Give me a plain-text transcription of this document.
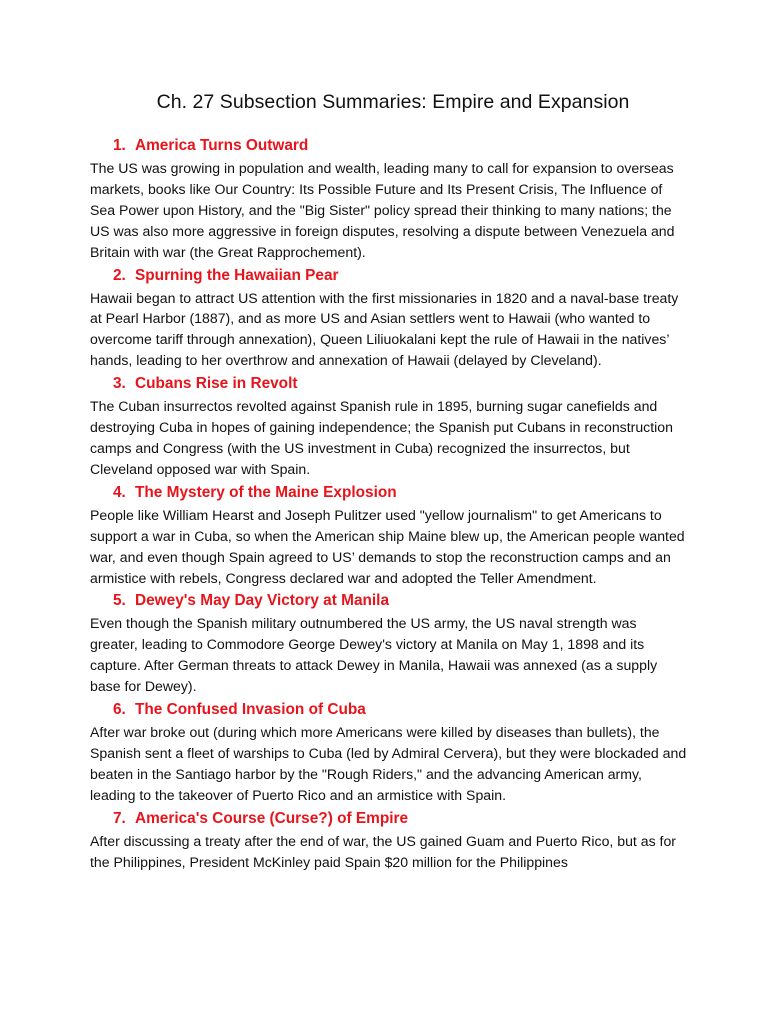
Ch. 27 Subsection Summaries: Empire and Expansion
1. America Turns Outward

The US was growing in population and wealth, leading many to call for expansion to overseas markets, books like Our Country: Its Possible Future and Its Present Crisis, The Influence of Sea Power upon History, and the "Big Sister" policy spread their thinking to many nations; the US was also more aggressive in foreign disputes, resolving a dispute between Venezuela and Britain with war (the Great Rapprochement).

2. Spurning the Hawaiian Pear

Hawaii began to attract US attention with the first missionaries in 1820 and a naval-base treaty at Pearl Harbor (1887), and as more US and Asian settlers went to Hawaii (who wanted to overcome tariff through annexation), Queen Liliuokalani kept the rule of Hawaii in the natives’ hands, leading to her overthrow and annexation of Hawaii (delayed by Cleveland).

3. Cubans Rise in Revolt

The Cuban insurrectos revolted against Spanish rule in 1895, burning sugar canefields and destroying Cuba in hopes of gaining independence; the Spanish put Cubans in reconstruction camps and Congress (with the US investment in Cuba) recognized the insurrectos, but Cleveland opposed war with Spain.

4. The Mystery of the Maine Explosion

People like William Hearst and Joseph Pulitzer used "yellow journalism" to get Americans to support a war in Cuba, so when the American ship Maine blew up, the American people wanted war, and even though Spain agreed to US’ demands to stop the reconstruction camps and an armistice with rebels, Congress declared war and adopted the Teller Amendment.

5. Dewey's May Day Victory at Manila

Even though the Spanish military outnumbered the US army, the US naval strength was greater, leading to Commodore George Dewey's victory at Manila on May 1, 1898 and its capture. After German threats to attack Dewey in Manila, Hawaii was annexed (as a supply base for Dewey).

6. The Confused Invasion of Cuba

After war broke out (during which more Americans were killed by diseases than bullets), the Spanish sent a fleet of warships to Cuba (led by Admiral Cervera), but they were blockaded and beaten in the Santiago harbor by the "Rough Riders," and the advancing American army, leading to the takeover of Puerto Rico and an armistice with Spain.

7. America's Course (Curse?) of Empire

After discussing a treaty after the end of war, the US gained Guam and Puerto Rico, but as for the Philippines, President McKinley paid Spain $20 million for the Philippines
